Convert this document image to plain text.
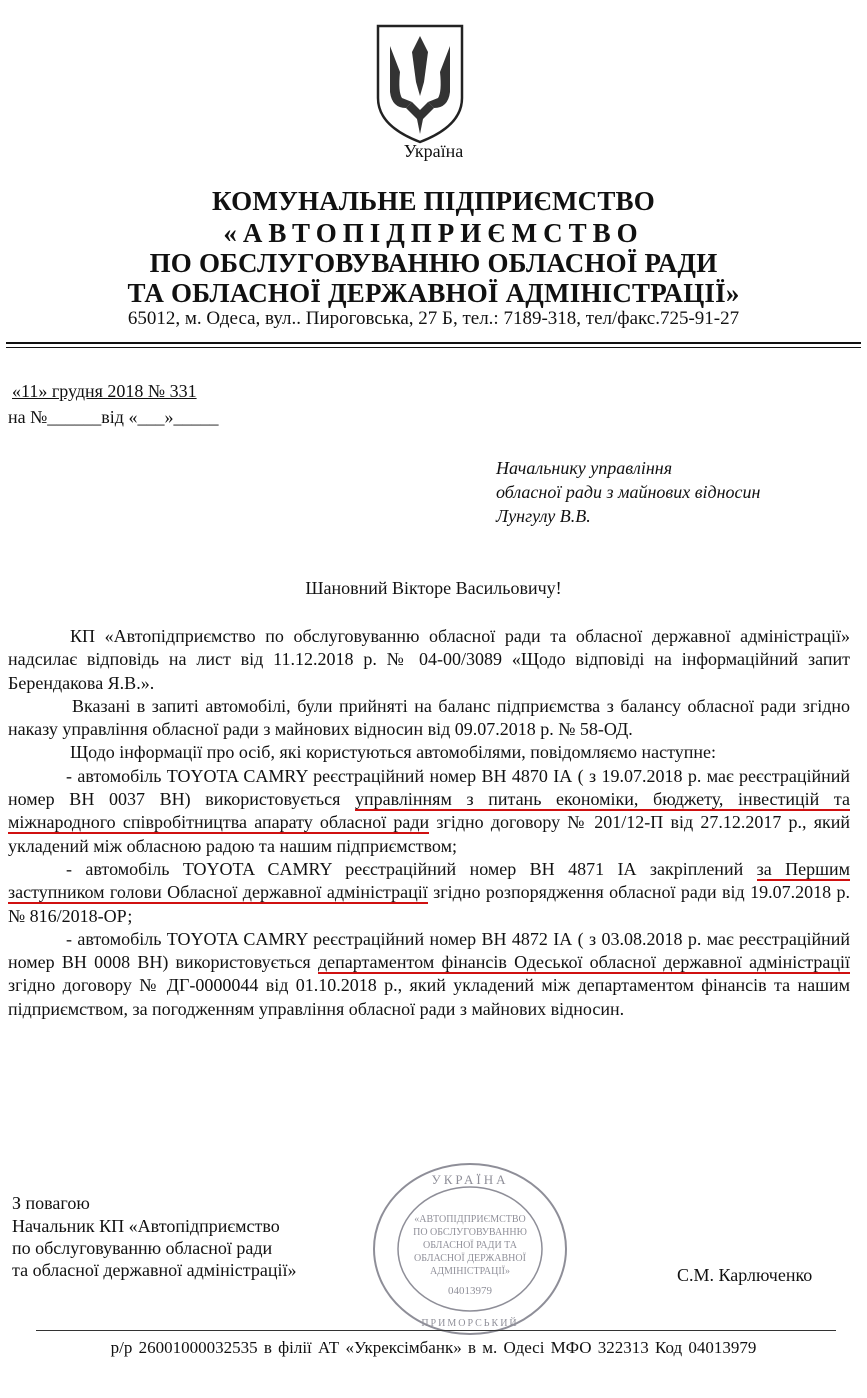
Україна
КОМУНАЛЬНЕ ПІДПРИЄМСТВО
«АВТОПІДПРИЄМСТВО
ПО ОБСЛУГОВУВАННЮ ОБЛАСНОЇ РАДИ
ТА ОБЛАСНОЇ ДЕРЖАВНОЇ АДМІНІСТРАЦІЇ»
65012, м. Одеса, вул.. Пироговська, 27 Б, тел.: 7189-318, тел/факс.725-91-27
«11» грудня 2018 № 331
на №______від «___»_____
Начальнику управління
обласної ради з майнових відносин
Лунгулу В.В.
Шановний Вікторе Васильовичу!

КП «Автопідприємство по обслуговуванню обласної ради та обласної державної адміністрації» надсилає відповідь на лист від 11.12.2018 р. № 04-00/3089 «Щодо відповіді на інформаційний запит Берендакова Я.В.».

Вказані в запиті автомобілі, були прийняті на баланс підприємства з балансу обласної ради згідно наказу управління обласної ради з майнових відносин від 09.07.2018 р. № 58-ОД.

Щодо інформації про осіб, які користуються автомобілями, повідомляємо наступне:

- автомобіль TOYOTA CAMRY реєстраційний номер ВН 4870 ІА ( з 19.07.2018 р. має реєстраційний номер ВН 0037 ВН) використовується управлінням з питань економіки, бюджету, інвестицій та міжнародного співробітництва апарату обласної ради згідно договору № 201/12-П від 27.12.2017 р., який укладений між обласною радою та нашим підприємством;

- автомобіль TOYOTA CAMRY реєстраційний номер ВН 4871 ІА закріплений за Першим заступником голови Обласної державної адміністрації згідно розпорядження обласної ради від 19.07.2018 р. № 816/2018-ОР;

- автомобіль TOYOTA CAMRY реєстраційний номер ВН 4872 ІА ( з 03.08.2018 р. має реєстраційний номер ВН 0008 ВН) використовується департаментом фінансів Одеської обласної державної адміністрації згідно договору № ДГ-0000044 від 01.10.2018 р., який укладений між департаментом фінансів та нашим підприємством, за погодженням управління обласної ради з майнових відносин.

З повагою
Начальник КП «Автопідприємство
по обслуговуванню обласної ради
та обласної державної адміністрації»	С.М. Карлюченко
УКРАЇНА
«АВТОПІДПРИЄМСТВО
ПО ОБСЛУГОВУВАННЮ
ОБЛАСНОЇ РАДИ ТА
ОБЛАСНОЇ ДЕРЖАВНОЇ
АДМІНІСТРАЦІЇ»
04013979
ПРИМОРСЬКИЙ
р/р 26001000032535 в філії АТ «Укрексімбанк» в м. Одесі МФО 322313 Код 04013979
